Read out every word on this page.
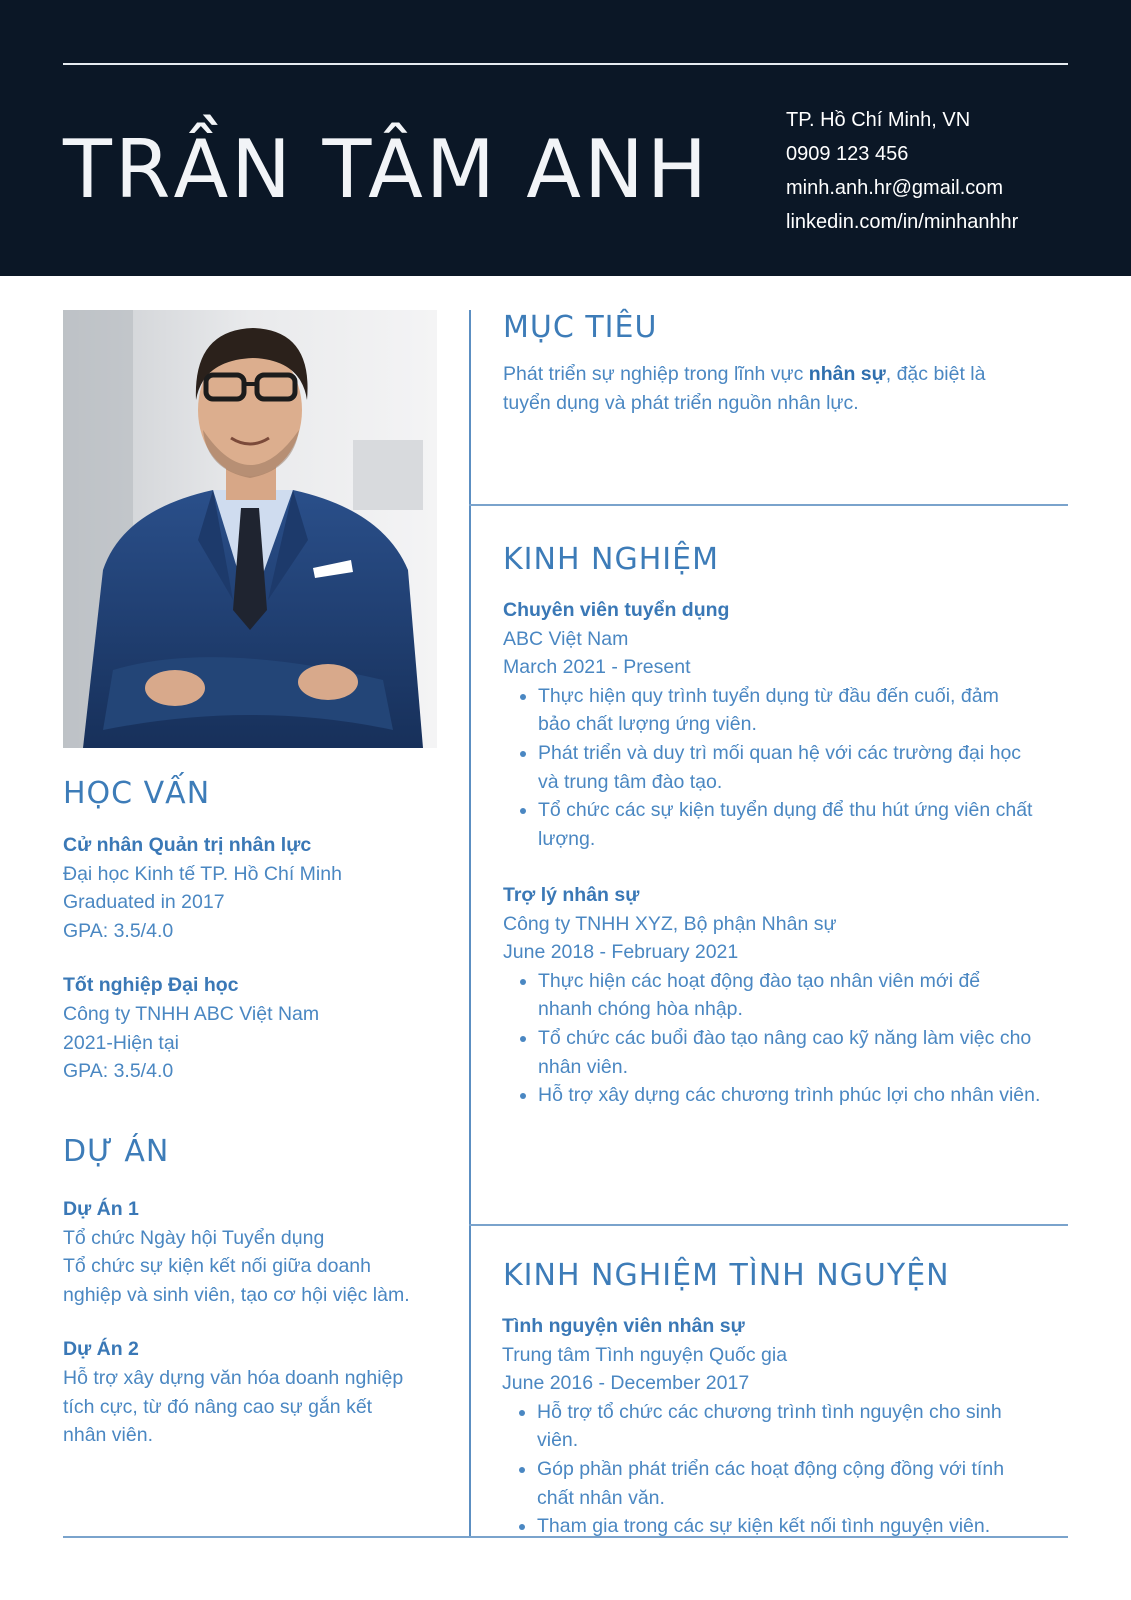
TRẦN TÂM ANH
TP. Hồ Chí Minh, VN
0909 123 456
minh.anh.hr@gmail.com
linkedin.com/in/minhanhhr
HỌC VẤN
Cử nhân Quản trị nhân lực
Đại học Kinh tế TP. Hồ Chí Minh
Graduated in 2017
GPA: 3.5/4.0
Tốt nghiệp Đại học
Công ty TNHH ABC Việt Nam
2021-Hiện tại
GPA: 3.5/4.0
DỰ ÁN
Dự Án 1
Tổ chức Ngày hội Tuyển dụng
Tổ chức sự kiện kết nối giữa doanh
nghiệp và sinh viên, tạo cơ hội việc làm.
Dự Án 2
Hỗ trợ xây dựng văn hóa doanh nghiệp
tích cực, từ đó nâng cao sự gắn kết
nhân viên.
MỤC TIÊU
Phát triển sự nghiệp trong lĩnh vực nhân sự, đặc biệt là
tuyển dụng và phát triển nguồn nhân lực.
KINH NGHIỆM
Chuyên viên tuyển dụng
ABC Việt Nam
March 2021 - Present
• Thực hiện quy trình tuyển dụng từ đầu đến cuối, đảm
bảo chất lượng ứng viên.
• Phát triển và duy trì mối quan hệ với các trường đại học
và trung tâm đào tạo.
• Tổ chức các sự kiện tuyển dụng để thu hút ứng viên chất
lượng.
Trợ lý nhân sự
Công ty TNHH XYZ, Bộ phận Nhân sự
June 2018 - February 2021
• Thực hiện các hoạt động đào tạo nhân viên mới để
nhanh chóng hòa nhập.
• Tổ chức các buổi đào tạo nâng cao kỹ năng làm việc cho
nhân viên.
• Hỗ trợ xây dựng các chương trình phúc lợi cho nhân viên.
KINH NGHIỆM TÌNH NGUYỆN
Tình nguyện viên nhân sự
Trung tâm Tình nguyện Quốc gia
June 2016 - December 2017
• Hỗ trợ tổ chức các chương trình tình nguyện cho sinh
viên.
• Góp phần phát triển các hoạt động cộng đồng với tính
chất nhân văn.
• Tham gia trong các sự kiện kết nối tình nguyện viên.
